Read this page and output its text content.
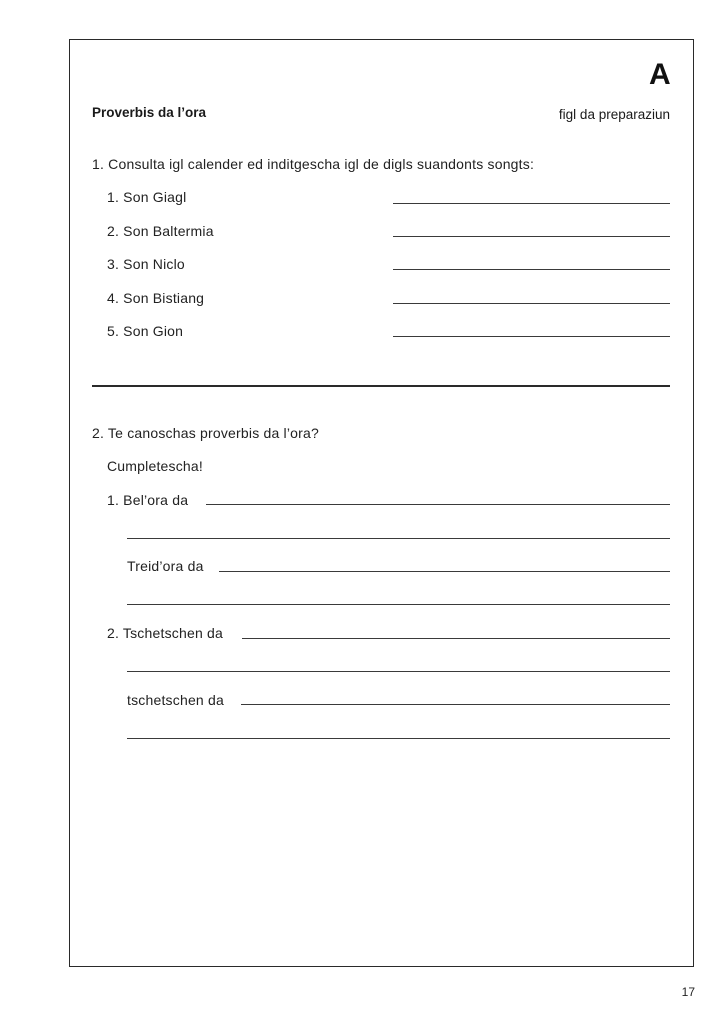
A
Proverbis da l’ora	figl da preparaziun
1. Consulta igl calender ed inditgescha igl de digls suandonts songts:
1. Son Giagl
2. Son Baltermia
3. Son Niclo
4. Son Bistiang
5. Son Gion
2. Te canoschas proverbis da l’ora?
Cumpletescha!
1. Bel’ora da
Treid’ora da
2. Tschetschen da
tschetschen da
17
